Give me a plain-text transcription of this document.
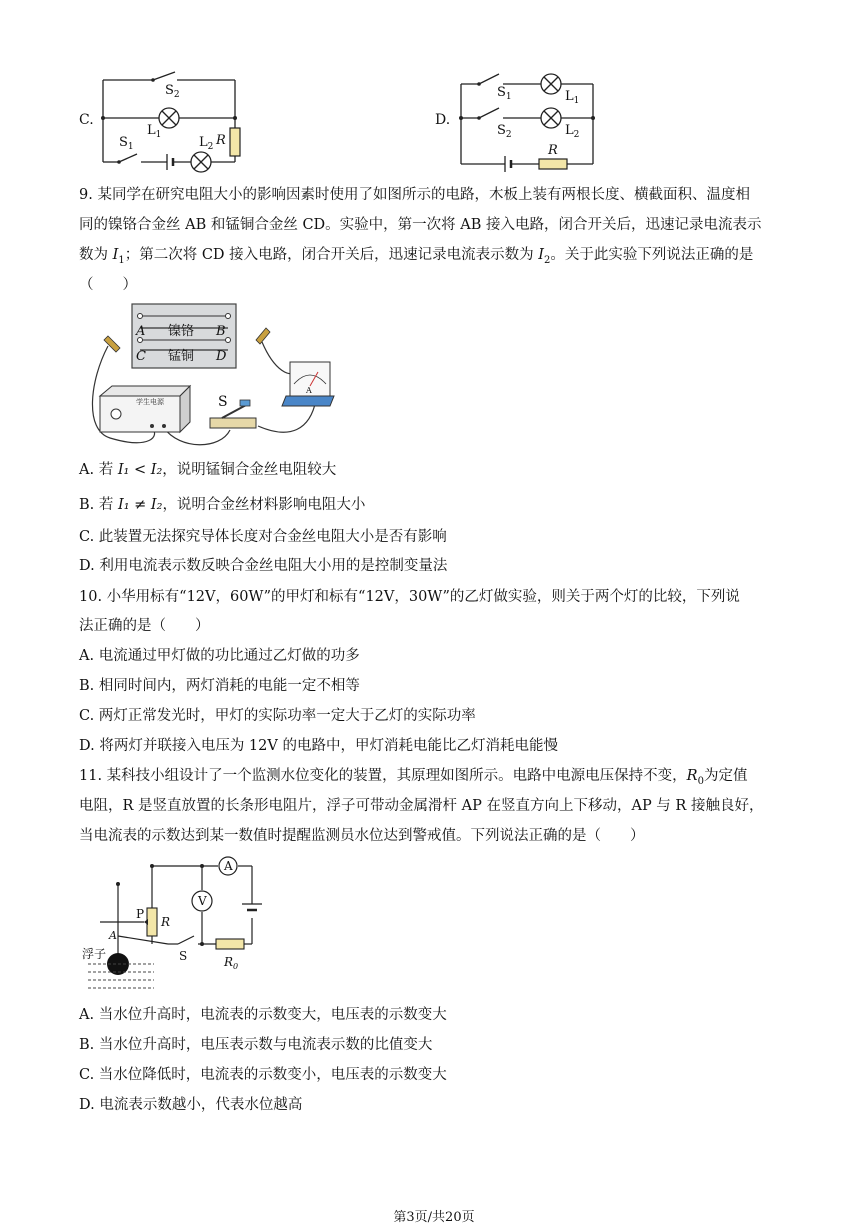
C.
$S_2$
$L_1$
$S_1$	$L_2$ R
D.
$S_1$	$L_1$
$S_2$	$L_2$
R
9. 某同学在研究电阻大小的影响因素时使用了如图所示的电路，木板上装有两根长度、横截面积、温度相
同的镍铬合金丝 AB 和锰铜合金丝 CD。实验中，第一次将 AB 接入电路，闭合开关后，迅速记录电流表示
数为 $I_1$；第二次将 CD 接入电路，闭合开关后，迅速记录电流表示数为 $I_2$。关于此实验下列说法正确的是
（　　）
A 镍铬 B
C 锰铜 D
学生电源	S
A
A. 若 I₁ < I₂，说明锰铜合金丝电阻较大
B. 若 I₁ ≠ I₂，说明合金丝材料影响电阻大小
C. 此装置无法探究导体长度对合金丝电阻大小是否有影响
D. 利用电流表示数反映合金丝电阻大小用的是控制变量法
10. 小华用标有“12V，60W”的甲灯和标有“12V，30W”的乙灯做实验，则关于两个灯的比较，下列说
法正确的是（　　）
A. 电流通过甲灯做的功比通过乙灯做的功多
B. 相同时间内，两灯消耗的电能一定不相等
C. 两灯正常发光时，甲灯的实际功率一定大于乙灯的实际功率
D. 将两灯并联接入电压为 12V 的电路中，甲灯消耗电能比乙灯消耗电能慢
11. 某科技小组设计了一个监测水位变化的装置，其原理如图所示。电路中电源电压保持不变，$R_0$为定值
电阻，R 是竖直放置的长条形电阻片，浮子可带动金属滑杆 AP 在竖直方向上下移动，AP 与 R 接触良好，
当电流表的示数达到某一数值时提醒监测员水位达到警戒值。下列说法正确的是（　　）
A
V
P
R
A
浮子	S	$R_0$
A. 当水位升高时，电流表的示数变大，电压表的示数变大
B. 当水位升高时，电压表示数与电流表示数的比值变大
C. 当水位降低时，电流表的示数变小，电压表的示数变大
D. 电流表示数越小，代表水位越高
第3页/共20页
